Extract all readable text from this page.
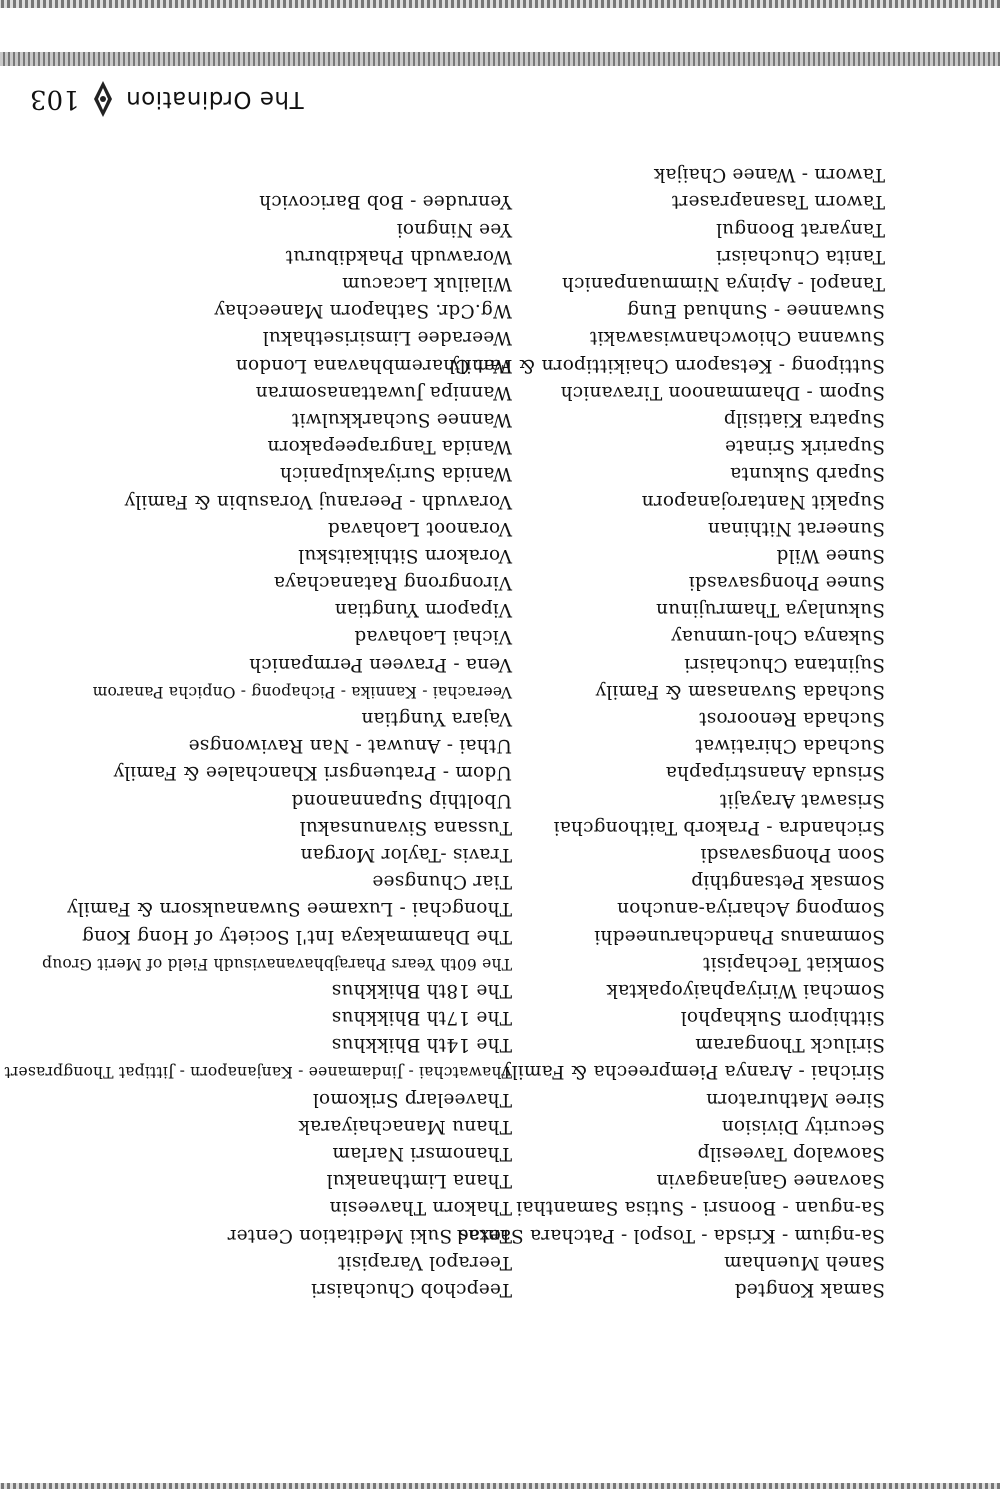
Samak Kongted
Saneh Muenham
Sa-ngium - Krisda - Tospol - Patchara Santad
Sa-nguan - Boonsri - Sutisa Samanthai
Saovanee Ganjanagavin
Saowalop Taveesilp
Security Division
Siree Mathuratorn
Sirichai - Aranya Piempreecha & Family
Siriluck Thongaram
Sitthiporn Sukhaphol
Somchai Wiriyaphaiyopaktak
Somkiat Techapisit
Sommanus Phandcharuneedhi
Sompong Achariya-anuchon
Somsak Petsangthip
Soon Phongsavasdi
Srichandra - Prakorb Taithongchai
Srisawat Arayajit
Srisuda Ananstripapha
Suchada Chiratiwat
Suchada Renoorost
Suchada Suvanasam & Family
Sujintana Chuchaisri
Sukanya Chol-umnuay
Sukunlaya Thamrujinun
Sunee Phongsavasdi
Sunee Wild
Suneerat Nithinan
Supakit Nantarojanaporn
Suparb Sukunta
Suparirk Srinate
Supatra Kiatisilp
Supom - Dhammanoon Tiravanich
Suttipong - Ketsaporn Chaikittiporn & Family
Suwanna Chiowchanwisawakit
Suwannee - Sunhuad Eung
Tanapol - Apinya Nimmuanpanich
Tanita Chuchaisri
Tanyarat Boongul
Taworn Tasanaprasert
Taworn - Wanee Chaijak
Teepchob Chuchaisri
Teerapol Varapisit
Texas Suki Meditation Center
Thakorn Thaveesin
Thana Limthanakul
Thanomsri Narlam
Thanu Manachaiyarak
Thaveelarp Srikomol
Thawatchai - Jindamanee - Kanjanaporn - Jittipat Thongprasert
The 14th Bhikkhus
The 17th Bhikkhus
The 18th Bhikkhus
The 60th Years Pharajbhavanavisudh Field of Merit Group
The Dhammakaya Int'l Society of Hong Kong
Thongchai - Luxamee Suwanauksorn & Family
Tiar Chungsee
Travis -Taylor Morgan
Tussana Sivanunsakul
Ubolthip Supannanond
Udom - Pratuengsri Khanchalee & Family
Uthai - Anuwat - Nan Raviwongse
Vajara Yungtian
Veerachai - Kannika - Pichapong - Onpicha Panarom
Vena - Praveen Permpanich
Vichai Laohavad
Vipaporn Yungtian
Virongrong Ratanachaya
Vorakorn Sithikaitskul
Voranoot Laohavad
Voravudh - Peeranuj Vorasubin & Family
Wanida Suriyakulpanich
Wanida Tangrapeepakorn
Wannee Sucharkkulwit
Wannipa Juwattanasomran
Wat Charembhavana London
Weeradee Limsirisethakul
Wg.Cdr. Sathaporn Maneechay
Wilailuk Lacacum
Worawudh Phakdiburut
Yee Ningnoi
Yenrudee - Bob Baricovich
The Ordination
103
